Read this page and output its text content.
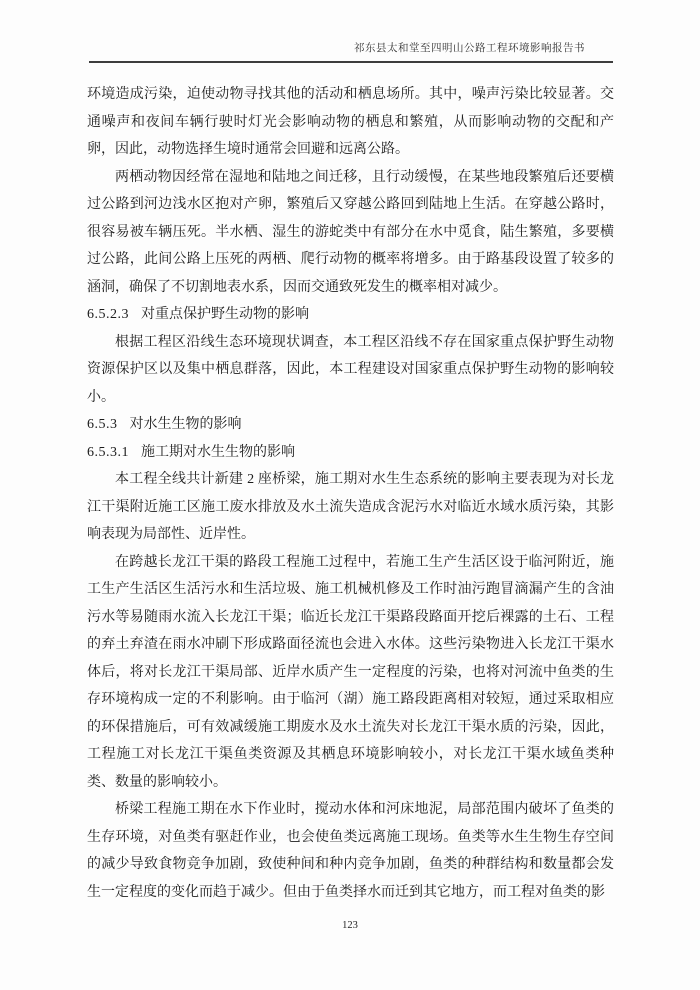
祁东县太和堂至四明山公路工程环境影响报告书

环境造成污染，迫使动物寻找其他的活动和栖息场所。其中，噪声污染比较显著。交通噪声和夜间车辆行驶时灯光会影响动物的栖息和繁殖，从而影响动物的交配和产卵，因此，动物选择生境时通常会回避和远离公路。

两栖动物因经常在湿地和陆地之间迁移，且行动缓慢，在某些地段繁殖后还要横过公路到河边浅水区抱对产卵，繁殖后又穿越公路回到陆地上生活。在穿越公路时，很容易被车辆压死。半水栖、湿生的游蛇类中有部分在水中觅食，陆生繁殖，多要横过公路，此间公路上压死的两栖、爬行动物的概率将增多。由于路基段设置了较多的涵洞，确保了不切割地表水系，因而交通致死发生的概率相对减少。

6.5.2.3 对重点保护野生动物的影响

根据工程区沿线生态环境现状调查，本工程区沿线不存在国家重点保护野生动物资源保护区以及集中栖息群落，因此，本工程建设对国家重点保护野生动物的影响较小。

6.5.3 对水生生物的影响
6.5.3.1 施工期对水生生物的影响

本工程全线共计新建 2 座桥梁，施工期对水生生态系统的影响主要表现为对长龙江干渠附近施工区施工废水排放及水土流失造成含泥污水对临近水域水质污染，其影响表现为局部性、近岸性。

在跨越长龙江干渠的路段工程施工过程中，若施工生产生活区设于临河附近，施工生产生活区生活污水和生活垃圾、施工机械机修及工作时油污跑冒滴漏产生的含油污水等易随雨水流入长龙江干渠；临近长龙江干渠路段路面开挖后裸露的土石、工程的弃土弃渣在雨水冲刷下形成路面径流也会进入水体。这些污染物进入长龙江干渠水体后，将对长龙江干渠局部、近岸水质产生一定程度的污染，也将对河流中鱼类的生存环境构成一定的不利影响。由于临河（湖）施工路段距离相对较短，通过采取相应的环保措施后，可有效减缓施工期废水及水土流失对长龙江干渠水质的污染，因此，工程施工对长龙江干渠鱼类资源及其栖息环境影响较小，对长龙江干渠水域鱼类种类、数量的影响较小。

桥梁工程施工期在水下作业时，搅动水体和河床地泥，局部范围内破坏了鱼类的生存环境，对鱼类有驱赶作业，也会使鱼类远离施工现场。鱼类等水生生物生存空间的减少导致食物竞争加剧，致使种间和种内竞争加剧，鱼类的种群结构和数量都会发生一定程度的变化而趋于减少。但由于鱼类择水而迁到其它地方，而工程对鱼类的影

123
